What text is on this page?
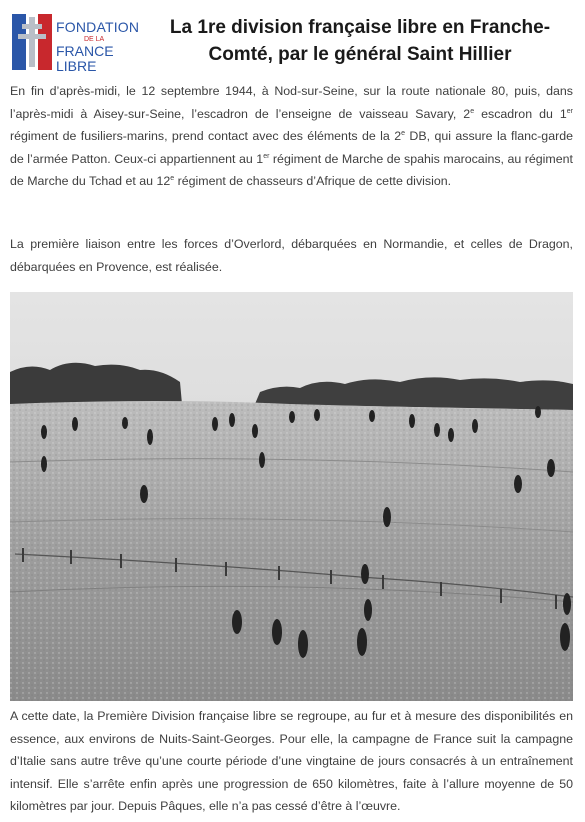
FONDATION
DE LA
FRANCE LIBRE
La 1re division française libre en Franche-Comté, par le général Saint Hillier
En fin d’après-midi, le 12 septembre 1944, à Nod-sur-Seine, sur la route nationale 80, puis, dans l’après-midi à Aisey-sur-Seine, l’escadron de l’enseigne de vaisseau Savary, 2e escadron du 1er régiment de fusiliers-marins, prend contact avec des éléments de la 2e DB, qui assure la flanc-garde de l’armée Patton. Ceux-ci appartiennent au 1er régiment de Marche de spahis marocains, au régiment de Marche du Tchad et au 12e régiment de chasseurs d’Afrique de cette division.
La première liaison entre les forces d’Overlord, débarquées en Normandie, et celles de Dragon, débarquées en Provence, est réalisée.
A cette date, la Première Division française libre se regroupe, au fur et à mesure des disponibilités en essence, aux environs de Nuits-Saint-Georges. Pour elle, la campagne de France suit la campagne d’Italie sans autre trêve qu’une courte période d’une vingtaine de jours consacrés à un entraînement intensif. Elle s’arrête enfin après une progression de 650 kilomètres, faite à l’allure moyenne de 50 kilomètres par jour. Depuis Pâques, elle n’a pas cessé d’être à l’œuvre.
